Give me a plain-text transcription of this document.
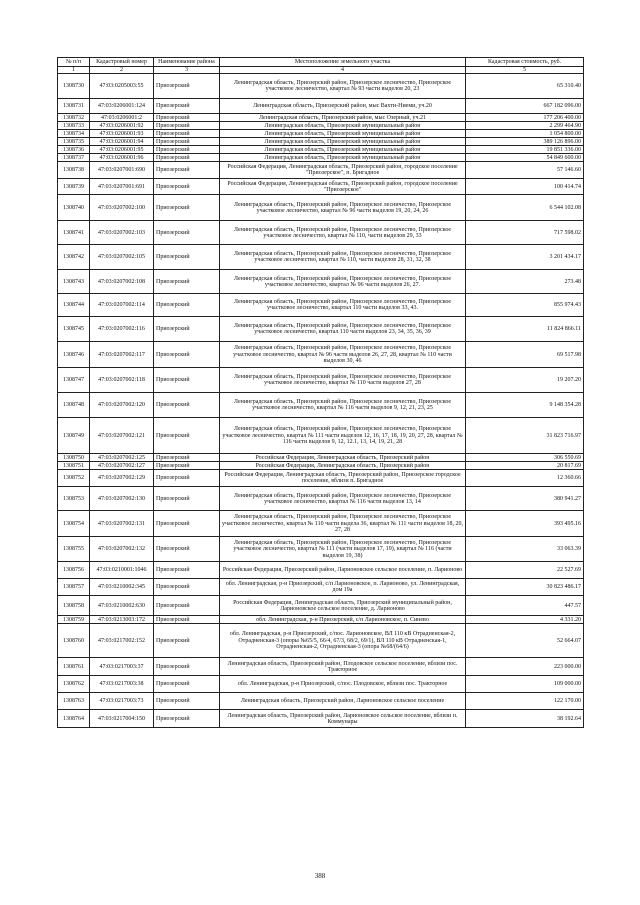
№ п/п	Кадастровый номер	Наименование района	Местоположение земельного участка	Кадастровая стоимость, руб.
1	2	3	4	5
1308730	47:03:0205003:55	Приозерский	Ленинградская область, Приозерский район, Приозерское лесничество, Приозерское участковое лесничество, квартал № 93 части выделов 20, 23	65 310.40
1308731	47:03:0206001:124	Приозерский	Ленинградская область, Приозерский район, мыс Вахти-Ниеми, уч.20	667 182 096.00
1308732	47:03:0206001:2	Приозерский	Ленинградская область, Приозерский район, мыс Озерный, уч.21	177 206 400.00
1308733	47:03:0206001:92	Приозерский	Ленинградская область, Приозерский муниципальный район	2 299 464.90
1308734	47:03:0206001:93	Приозерский	Ленинградская область, Приозерский муниципальный район	1 054 800.00
1308735	47:03:0206001:94	Приозерский	Ленинградская область, Приозерский муниципальный район	389 126 896.00
1308736	47:03:0206001:95	Приозерский	Ленинградская область, Приозерский муниципальный район	19 851 336.00
1308737	47:03:0206001:96	Приозерский	Ленинградская область, Приозерский муниципальный район	54 849 600.00
1308738	47:03:0207001:690	Приозерский	Российская Федерация, Ленинградская область, Приозерский район, городское поселение "Приозерское", п. Бригадное	57 146.60
1308739	47:03:0207001:691	Приозерский	Российская Федерация, Ленинградская область, Приозерский район, городское поселение "Приозерское"	100 414.74
1308740	47:03:0207002:100	Приозерский	Ленинградская область, Приозерский район, Приозерское лесничество, Приозерское участковое лесничество, квартал № 96 части выделов 19, 20, 24, 26	6 544 102.08
1308741	47:03:0207002:103	Приозерский	Ленинградская область, Приозерский район, Приозерское лесничество, Приозерское участковое лесничество, квартал № 110, части выделов 29, 33	717 598.02
1308742	47:03:0207002:105	Приозерский	Ленинградская область, Приозерский район, Приозерское лесничество, Приозерское участковое лесничество, квартал № 110, части выделов 28, 31, 32, 38	3 201 434.17
1308743	47:03:0207002:108	Приозерский	Ленинградская область, Приозерский район, Приозерское лесничество, Приозерское участковое лесничество, квартал № 96 части выделов 26, 27.	273.48
1308744	47:03:0207002:114	Приозерский	Ленинградская область, Приозерский район, Приозерское лесничество, Приозерское участковое лесничество, квартал 110 части выделов 33, 43.	855 974.43
1308745	47:03:0207002:116	Приозерский	Ленинградская область, Приозерский район, Приозерское лесничество, Приозерское участковое лесничество, квартал 110 части выделов 23, 34, 35, 36, 39	11 824 866.11
1308746	47:03:0207002:117	Приозерский	Ленинградская область, Приозерский район, Приозерское лесничество, Приозерское участковое лесничество, квартал № 96 части выделов 26, 27, 28, квартал № 110 части выделов 30, 46	69 517.98
1308747	47:03:0207002:118	Приозерский	Ленинградская область, Приозерский район, Приозерское лесничество, Приозерское участковое лесничество, квартал № 110 части выделов 27, 28	19 207.20
1308748	47:03:0207002:120	Приозерский	Ленинградская область, Приозерский район, Приозерское лесничество, Приозерское участковое лесничество, квартал № 116 части выделов 9, 12, 21, 23, 25	9 148 354.28
1308749	47:03:0207002:121	Приозерский	Ленинградская область, Приозерский район, Приозерское лесничество, Приозерское участковое лесничество, квартал № 111 части выделов 12, 16, 17, 18, 19, 20, 27, 28, квартал № 116 части выделов 9, 12, 12.1, 13, 14, 19, 21, 28	31 823 716.97
1308750	47:03:0207002:125	Приозерский	Российская Федерация, Ленинградская область, Приозерский район	306 550.69
1308751	47:03:0207002:127	Приозерский	Российская Федерация, Ленинградская область, Приозерский район	20 817.69
1308752	47:03:0207002:129	Приозерский	Российская Федерация, Ленинградская область, Приозерский район, Приозерское городское поселение, вблизи п. Бригадное	12 360.66
1308753	47:03:0207002:130	Приозерский	Ленинградская область, Приозерский район, Приозерское лесничество, Приозерское участковое лесничество, квартал № 116 части выделов 13, 14	380 941.27
1308754	47:03:0207002:131	Приозерский	Ленинградская область, Приозерский район, Приозерское лесничество, Приозерское участковое лесничество, квартал № 110 части выдела 36, квартал № 111 части выделов 18, 20, 27, 28	393 495.16
1308755	47:03:0207002:132	Приозерский	Ленинградская область, Приозерский район, Приозерское лесничество, Приозерское участковое лесничество, квартал № 111 (части выделов 17, 19), квартал № 116 (части выделов 19, 38)	33 063.39
1308756	47:03:0210001:1046	Приозерский	Российская Федерация, Приозерский район, Ларионовское сельское поселение, п. Ларионово	22 527.69
1308757	47:03:0210002:345	Приозерский	обл. Ленинградская, р-н Приозерский, с/п Ларионовское, п. Ларионово, ул. Ленинградская, дом 19а	30 823 486.17
1308758	47:03:0210002:630	Приозерский	Российская Федерация, Ленинградская область, Приозерский муниципальный район, Ларионовское сельское поселение, д. Ларионово	447.57
1308759	47:03:0213003:172	Приозерский	обл. Ленинградская, р-н Приозерский, с/п Ларионовское, п. Синево	4 331.20
1308760	47:03:0217002:152	Приозерский	обл. Ленинградская, р-н Приозерский, с/пос. Ларионовское, ВЛ 110 кВ Отрадненская-2, Отрадненская-3 (опоры №65/5, 66/4, 67/3, 68/2, 69/1), ВЛ 110 кВ Отрадненская-1, Отрадненская-2, Отрадненская-3 (опора №68/(64/6)	52 664.07
1308761	47:03:0217003:37	Приозерский	Ленинградская область, Приозерский район, Плодовское сельское поселение, вблизи пос. Тракторное	223 000.00
1308762	47:03:0217003:38	Приозерский	обл. Ленинградская, р-н Приозерский, с/пос. Плодовское, вблизи пос. Тракторное	109 000.00
1308763	47:03:0217003:73	Приозерский	Ленинградская область, Приозерский район, Ларионовское сельское поселение	122 170.00
1308764	47:03:0217004:150	Приозерский	Ленинградская область, Приозерский район, Ларионовское сельское поселение, вблизи п. Коммунары	38 192.64
388
